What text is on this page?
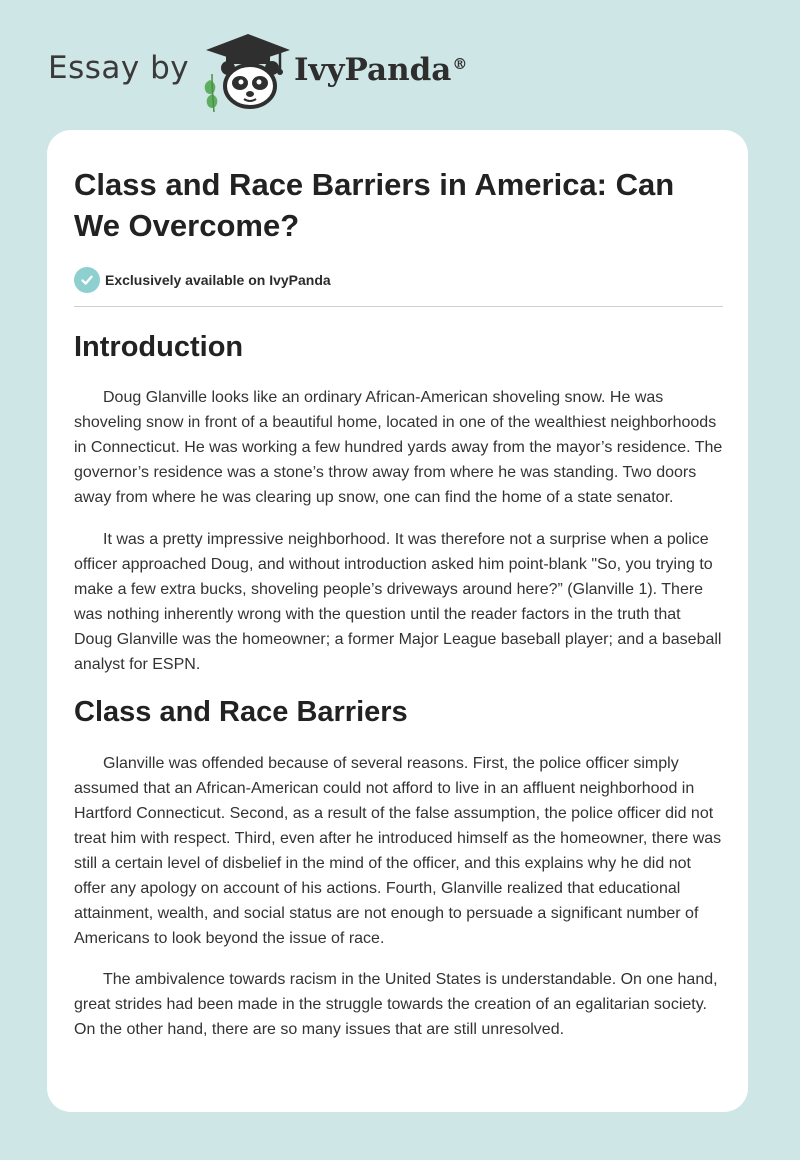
Essay by	IvyPanda®
Class and Race Barriers in America: Can We Overcome?
Exclusively available on IvyPanda
Introduction

Doug Glanville looks like an ordinary African-American shoveling snow. He was shoveling snow in front of a beautiful home, located in one of the wealthiest neighborhoods in Connecticut. He was working a few hundred yards away from the mayor’s residence. The governor’s residence was a stone’s throw away from where he was standing. Two doors away from where he was clearing up snow, one can find the home of a state senator.

It was a pretty impressive neighborhood. It was therefore not a surprise when a police officer approached Doug, and without introduction asked him point-blank "So, you trying to make a few extra bucks, shoveling people’s driveways around here?” (Glanville 1). There was nothing inherently wrong with the question until the reader factors in the truth that Doug Glanville was the homeowner; a former Major League baseball player; and a baseball analyst for ESPN.

Class and Race Barriers

Glanville was offended because of several reasons. First, the police officer simply assumed that an African-American could not afford to live in an affluent neighborhood in Hartford Connecticut. Second, as a result of the false assumption, the police officer did not treat him with respect. Third, even after he introduced himself as the homeowner, there was still a certain level of disbelief in the mind of the officer, and this explains why he did not offer any apology on account of his actions. Fourth, Glanville realized that educational attainment, wealth, and social status are not enough to persuade a significant number of Americans to look beyond the issue of race.

The ambivalence towards racism in the United States is understandable. On one hand, great strides had been made in the struggle towards the creation of an egalitarian society. On the other hand, there are so many issues that are still unresolved.
